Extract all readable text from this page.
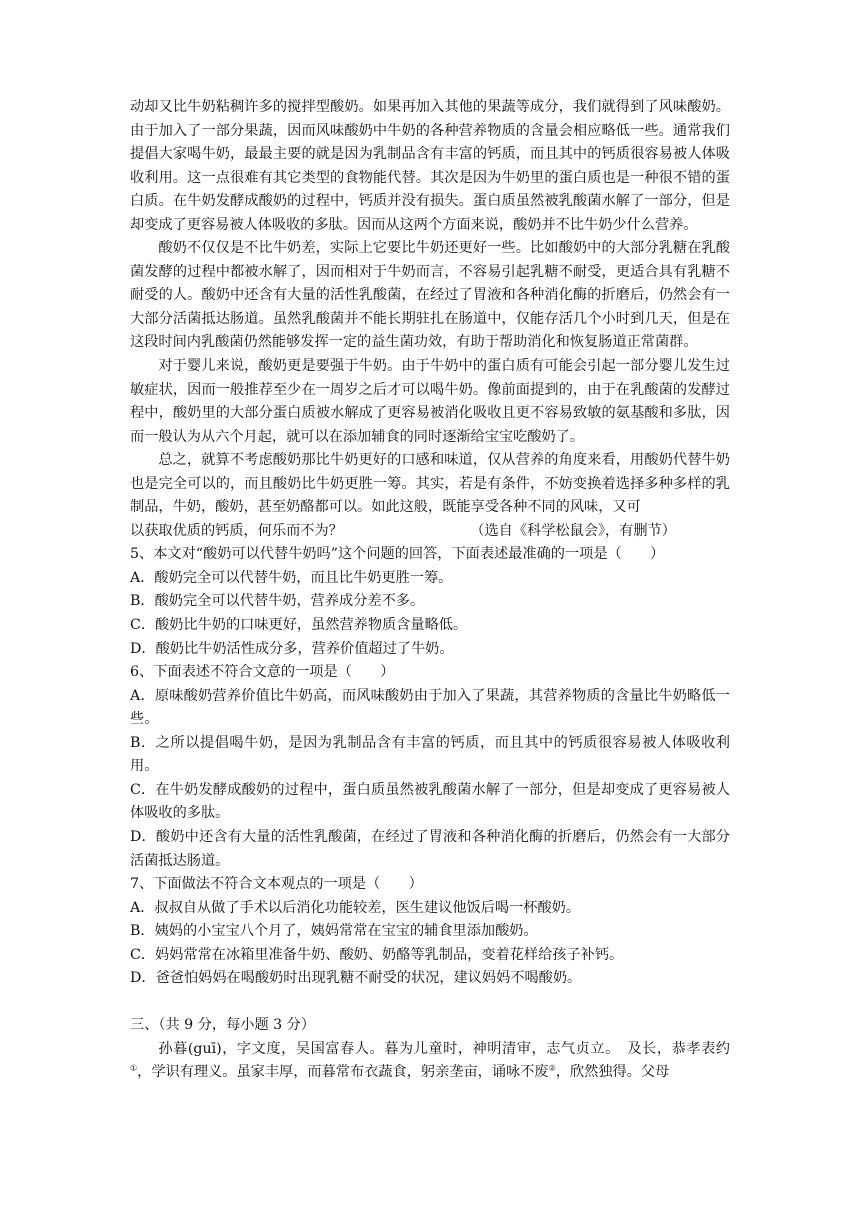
动却又比牛奶粘稠许多的搅拌型酸奶。如果再加入其他的果蔬等成分，我们就得到了风味酸奶。由于加入了一部分果蔬，因而风味酸奶中牛奶的各种营养物质的含量会相应略低一些。通常我们提倡大家喝牛奶，最最主要的就是因为乳制品含有丰富的钙质，而且其中的钙质很容易被人体吸收利用。这一点很难有其它类型的食物能代替。其次是因为牛奶里的蛋白质也是一种很不错的蛋白质。在牛奶发酵成酸奶的过程中，钙质并没有损失。蛋白质虽然被乳酸菌水解了一部分，但是却变成了更容易被人体吸收的多肽。因而从这两个方面来说，酸奶并不比牛奶少什么营养。

酸奶不仅仅是不比牛奶差，实际上它要比牛奶还更好一些。比如酸奶中的大部分乳糖在乳酸菌发酵的过程中都被水解了，因而相对于牛奶而言，不容易引起乳糖不耐受，更适合具有乳糖不耐受的人。酸奶中还含有大量的活性乳酸菌，在经过了胃液和各种消化酶的折磨后，仍然会有一大部分活菌抵达肠道。虽然乳酸菌并不能长期驻扎在肠道中，仅能存活几个小时到几天，但是在这段时间内乳酸菌仍然能够发挥一定的益生菌功效，有助于帮助消化和恢复肠道正常菌群。

对于婴儿来说，酸奶更是要强于牛奶。由于牛奶中的蛋白质有可能会引起一部分婴儿发生过敏症状，因而一般推荐至少在一周岁之后才可以喝牛奶。像前面提到的，由于在乳酸菌的发酵过程中，酸奶里的大部分蛋白质被水解成了更容易被消化吸收且更不容易致敏的氨基酸和多肽，因而一般认为从六个月起，就可以在添加辅食的同时逐渐给宝宝吃酸奶了。

总之，就算不考虑酸奶那比牛奶更好的口感和味道，仅从营养的角度来看，用酸奶代替牛奶也是完全可以的，而且酸奶比牛奶更胜一筹。其实，若是有条件，不妨变换着选择多种多样的乳制品，牛奶，酸奶，甚至奶酪都可以。如此这般，既能享受各种不同的风味，又可

以获取优质的钙质，何乐而不为？	（选自《科学松鼠会》，有删节）

5、本文对“酸奶可以代替牛奶吗”这个问题的回答，下面表述最准确的一项是（　　）

A．酸奶完全可以代替牛奶，而且比牛奶更胜一筹。

B．酸奶完全可以代替牛奶，营养成分差不多。

C．酸奶比牛奶的口味更好，虽然营养物质含量略低。

D．酸奶比牛奶活性成分多，营养价值超过了牛奶。

6、下面表述不符合文意的一项是（　　）

A．原味酸奶营养价值比牛奶高，而风味酸奶由于加入了果蔬，其营养物质的含量比牛奶略低一些。

B．之所以提倡喝牛奶，是因为乳制品含有丰富的钙质，而且其中的钙质很容易被人体吸收利用。

C．在牛奶发酵成酸奶的过程中，蛋白质虽然被乳酸菌水解了一部分，但是却变成了更容易被人体吸收的多肽。

D．酸奶中还含有大量的活性乳酸菌，在经过了胃液和各种消化酶的折磨后，仍然会有一大部分活菌抵达肠道。

7、下面做法不符合文本观点的一项是（　　）

A．叔叔自从做了手术以后消化功能较差，医生建议他饭后喝一杯酸奶。

B．姨妈的小宝宝八个月了，姨妈常常在宝宝的辅食里添加酸奶。

C．妈妈常常在冰箱里准备牛奶、酸奶、奶酪等乳制品，变着花样给孩子补钙。

D．爸爸怕妈妈在喝酸奶时出现乳糖不耐受的状况，建议妈妈不喝酸奶。

三、（共 9 分，每小题 3 分）

孙暮(guī)，字文度，吴国富春人。暮为儿童时，神明清审，志气贞立。　及长，恭孝表约①，学识有理义。虽家丰厚，而暮常布衣蔬食，躬亲垄亩，诵咏不废②，欣然独得。父母
